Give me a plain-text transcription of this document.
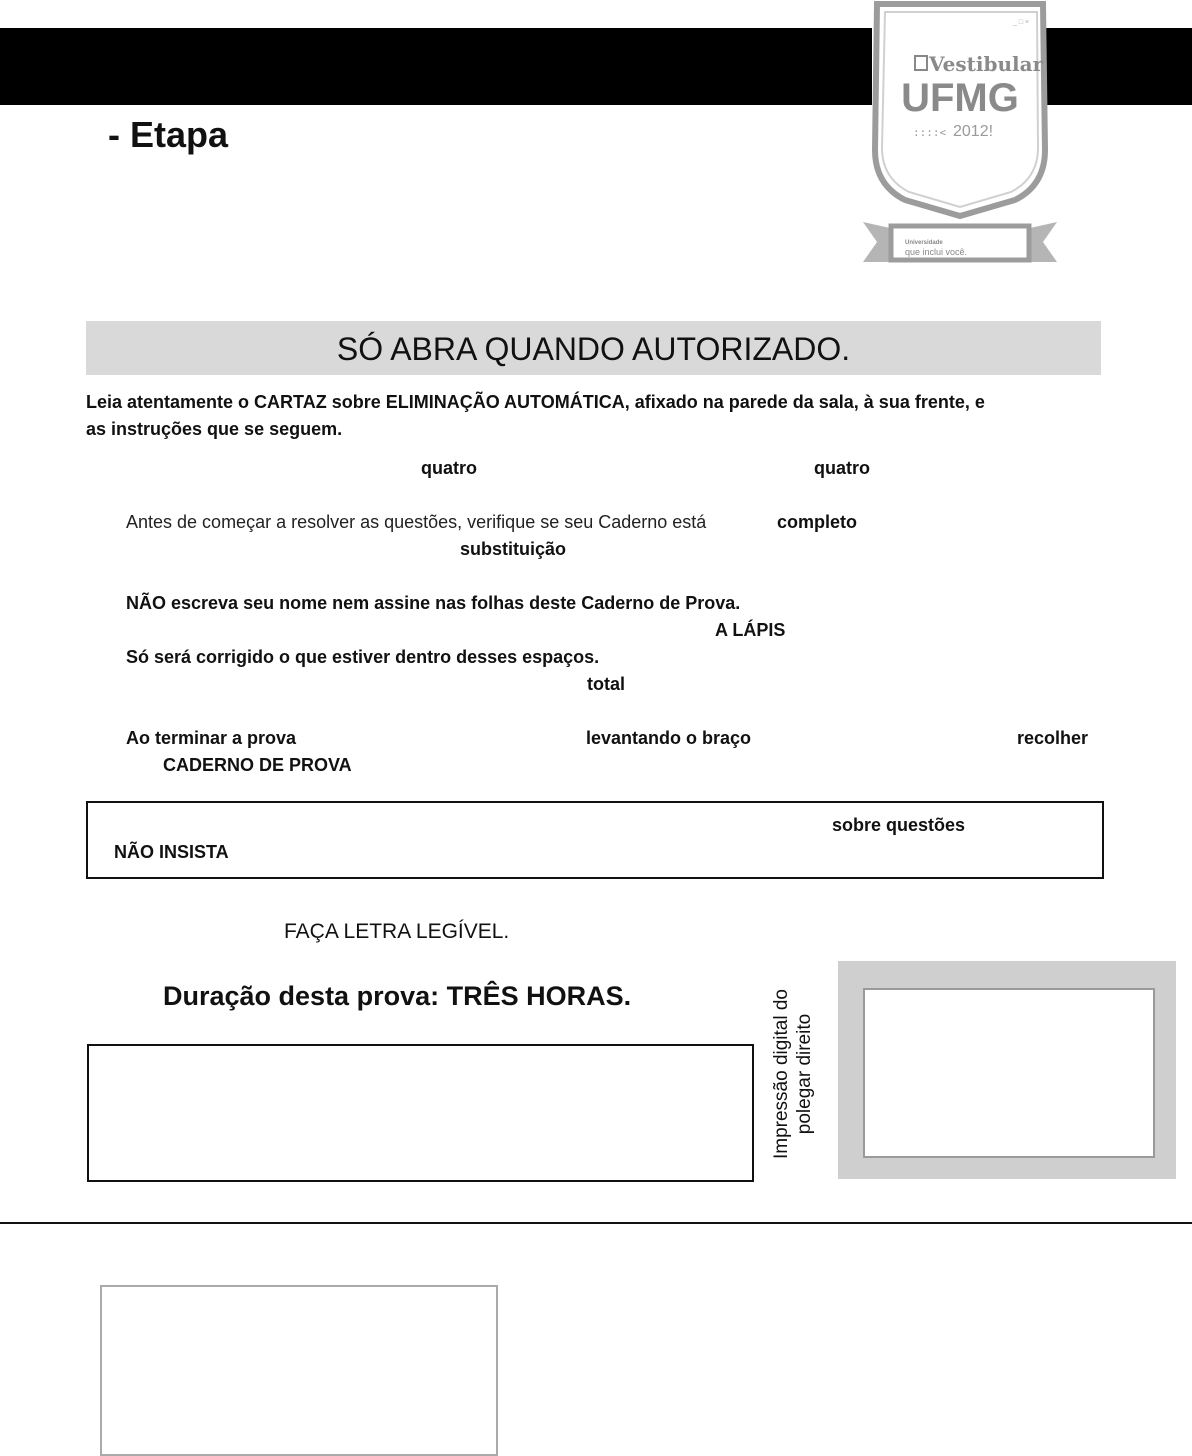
- Etapa
_ □ ×
Vestibular
UFMG
::::< 2012!
Universidade
que inclui você.
SÓ ABRA QUANDO AUTORIZADO.
Leia atentamente o CARTAZ sobre ELIMINAÇÃO AUTOMÁTICA, afixado na parede da sala, à sua frente, e
as instruções que se seguem.
quatro	quatro
Antes de começar a resolver as questões, verifique se seu Caderno está	completo
substituição
NÃO escreva seu nome nem assine nas folhas deste Caderno de Prova.
A LÁPIS
Só será corrigido o que estiver dentro desses espaços.
total
Ao terminar a prova	levantando o braço	recolher
CADERNO DE PROVA
sobre questões
NÃO INSISTA
FAÇA LETRA LEGÍVEL.
Duração desta prova: TRÊS HORAS.	Impressão digital do polegar direito
